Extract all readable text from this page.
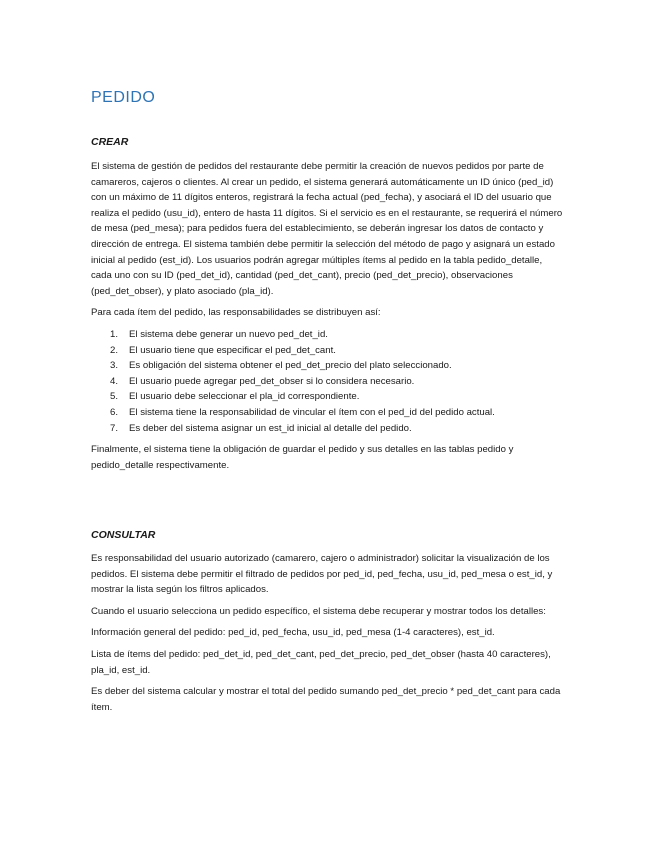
PEDIDO
CREAR

El sistema de gestión de pedidos del restaurante debe permitir la creación de nuevos pedidos por parte de camareros, cajeros o clientes. Al crear un pedido, el sistema generará automáticamente un ID único (ped_id) con un máximo de 11 dígitos enteros, registrará la fecha actual (ped_fecha), y asociará el ID del usuario que realiza el pedido (usu_id), entero de hasta 11 dígitos. Si el servicio es en el restaurante, se requerirá el número de mesa (ped_mesa); para pedidos fuera del establecimiento, se deberán ingresar los datos de contacto y dirección de entrega. El sistema también debe permitir la selección del método de pago y asignará un estado inicial al pedido (est_id). Los usuarios podrán agregar múltiples ítems al pedido en la tabla pedido_detalle, cada uno con su ID (ped_det_id), cantidad (ped_det_cant), precio (ped_det_precio), observaciones (ped_det_obser), y plato asociado (pla_id).

Para cada ítem del pedido, las responsabilidades se distribuyen así:

1. El sistema debe generar un nuevo ped_det_id.
2. El usuario tiene que especificar el ped_det_cant.
3. Es obligación del sistema obtener el ped_det_precio del plato seleccionado.
4. El usuario puede agregar ped_det_obser si lo considera necesario.
5. El usuario debe seleccionar el pla_id correspondiente.
6. El sistema tiene la responsabilidad de vincular el ítem con el ped_id del pedido actual.
7. Es deber del sistema asignar un est_id inicial al detalle del pedido.

Finalmente, el sistema tiene la obligación de guardar el pedido y sus detalles en las tablas pedido y pedido_detalle respectivamente.

CONSULTAR

Es responsabilidad del usuario autorizado (camarero, cajero o administrador) solicitar la visualización de los pedidos. El sistema debe permitir el filtrado de pedidos por ped_id, ped_fecha, usu_id, ped_mesa o est_id, y mostrar la lista según los filtros aplicados.

Cuando el usuario selecciona un pedido específico, el sistema debe recuperar y mostrar todos los detalles:

Información general del pedido: ped_id, ped_fecha, usu_id, ped_mesa (1-4 caracteres), est_id.

Lista de ítems del pedido: ped_det_id, ped_det_cant, ped_det_precio, ped_det_obser (hasta 40 caracteres), pla_id, est_id.

Es deber del sistema calcular y mostrar el total del pedido sumando ped_det_precio * ped_det_cant para cada ítem.
